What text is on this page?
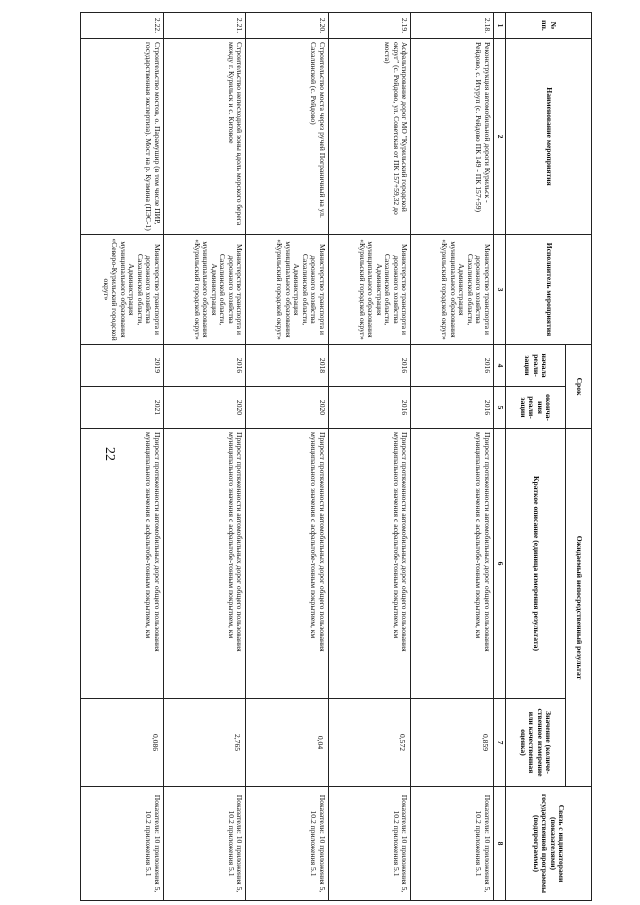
22
№ пп.	Наименование мероприятия	Исполнитель мероприятия	Срок		Ожидаемый непосредственный результат		Связь с индикаторами (показателями) государственной программы (подпрограммы)
			начала реали-зации	оконча-ния реали-зации	Краткое описание (единица измерения результата)	Значение (количе-ственное измерение или качественная оценка)	

1	2	3	4	5	6	7	8
2.18.	Реконструкция автомобильной дороги Курильск - Рейдово, с. Итуруп (с. Рейдово ПК 149 - ПК 157+59)	Министерство транспорта и дорожного хозяйства Сахалинской области, Администрация муниципального образования «Курильский городской округ»	2016	2016	Прирост протяженности автомобильных дорог общего пользования муниципального значения с асфальтобе-тонным покрытием, км	0,859	Показатели: 10 приложения 5, 10.2 приложения 5.1
2.19.	Асфальтирование дорог МО "Курильский городской округ" (с. Рейдово, ул. Советская от ПК 157+59,32 до моста)	Министерство транспорта и дорожного хозяйства Сахалинской области, Администрация муниципального образования «Курильский городской округ»	2016	2016	Прирост протяженности автомобильных дорог общего пользования муниципального значения с асфальтобе-тонным покрытием, км	0,572	Показатели: 10 приложения 5, 10.2 приложения 5.1
2.20.	Строительство моста через ручей Пограничный на ул. Сахалинской (с. Рейдово)	Министерство транспорта и дорожного хозяйства Сахалинской области, Администрация муниципального образования «Курильский городской округ»	2018	2020	Прирост протяженности автомобильных дорог общего пользования муниципального значения с асфальтобе-тонным покрытием, км	0,04	Показатели: 10 приложения 5, 10.2 приложения 5.1
2.21.	Строительство непесходной зоны вдоль морского берега между г. Курильск и с. Китовое	Министерство транспорта и дорожного хозяйства Сахалинской области, Администрация муниципального образования «Курильский городской округ»	2016	2020	Прирост протяженности автомобильных дорог общего пользования муниципального значения с асфальтобе-тонным покрытием, км	2,765	Показатели: 10 приложения 5, 10.2 приложения 5.1
2.22.	Строительство мостов, о. Парамушир (в том числе ПИР, государственная экспертиза). Мост на р. Кузмина (ПЭС-1)	Министерство транспорта и дорожного хозяйства Сахалинской области, Администрация муниципального образования «Северо-Курильский городской округ»	2019	2021	Прирост протяженности автомобильных дорог общего пользования муниципального значения с асфальтобе-тонным покрытием, км	0,086	Показатели: 10 приложения 5, 10.2 приложения 5.1
